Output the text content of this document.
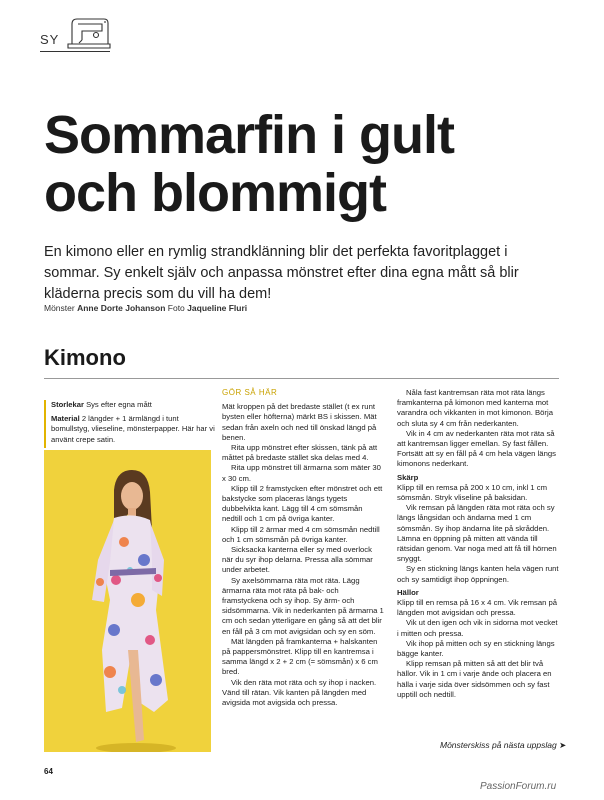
SY
Sommarfin i gult
och blommigt

En kimono eller en rymlig strandklänning blir det perfekta favoritplagget i sommar. Sy enkelt själv och anpassa mönstret efter dina egna mått så blir kläderna precis som du vill ha dem!

Mönster Anne Dorte Johanson Foto Jaqueline Fluri
Kimono

Storlekar Sys efter egna mått

Material 2 längder + 1 ärmlängd i tunt bomullstyg, vlieseline, mönsterpapper. Här har vi använt crepe satin.

GÖR SÅ HÄR

Mät kroppen på det bredaste stället (t ex runt bysten eller höfterna) märkt BS i skissen. Mät sedan från axeln och ned till önskad längd på benen.

Rita upp mönstret efter skissen, tänk på att måttet på bredaste stället ska delas med 4.

Rita upp mönstret till ärmarna som mäter 30 x 30 cm.

Klipp till 2 framstycken efter mönstret och ett bakstycke som placeras längs tygets dubbelvikta kant. Lägg till 4 cm sömsmån nedtill och 1 cm på övriga kanter.

Klipp till 2 ärmar med 4 cm sömsmån nedtill och 1 cm sömsmån på övriga kanter.

Sicksacka kanterna eller sy med overlock när du syr ihop delarna. Pressa alla sömmar under arbetet.

Sy axelsömmarna räta mot räta. Lägg ärmarna räta mot räta på bak- och framstyckena och sy ihop. Sy ärm- och sidsömmarna. Vik in nederkanten på ärmarna 1 cm och sedan ytterligare en gång så att det blir en fåll på 3 cm mot avigsidan och sy en söm.

Mät längden på framkanterna + halskanten på pappersmönstret. Klipp till en kantremsa i samma längd x 2 + 2 cm (= sömsmån) x 6 cm bred.

Vik den räta mot räta och sy ihop i nacken. Vänd till rätan. Vik kanten på längden med avigsida mot avigsida och pressa.

Nåla fast kantremsan räta mot räta längs framkanterna på kimonon med kanterna mot varandra och vikkanten in mot kimonon. Börja och sluta sy 4 cm från nederkanten.

Vik in 4 cm av nederkanten räta mot räta så att kantremsan ligger emellan. Sy fast fållen. Fortsätt att sy en fåll på 4 cm hela vägen längs kimonons nederkant.

Skärp

Klipp till en remsa på 200 x 10 cm, inkl 1 cm sömsmån. Stryk vliseline på baksidan.

Vik remsan på längden räta mot räta och sy längs långsidan och ändarna med 1 cm sömsmån. Sy ihop ändarna lite på skrådden. Lämna en öppning på mitten att vända till rätsidan genom. Var noga med att få till hörnen snyggt.

Sy en stickning längs kanten hela vägen runt och sy samtidigt ihop öppningen.

Hällor

Klipp till en remsa på 16 x 4 cm. Vik remsan på längden mot avigsidan och pressa.

Vik ut den igen och vik in sidorna mot vecket i mitten och pressa.

Vik ihop på mitten och sy en stickning längs bägge kanter.

Klipp remsan på mitten så att det blir två hällor. Vik in 1 cm i varje ände och placera en hälla i varje sida över sidsömmen och sy fast upptill och nedtill.

Mönsterskiss på nästa uppslag ➤
64
PassionForum.ru
